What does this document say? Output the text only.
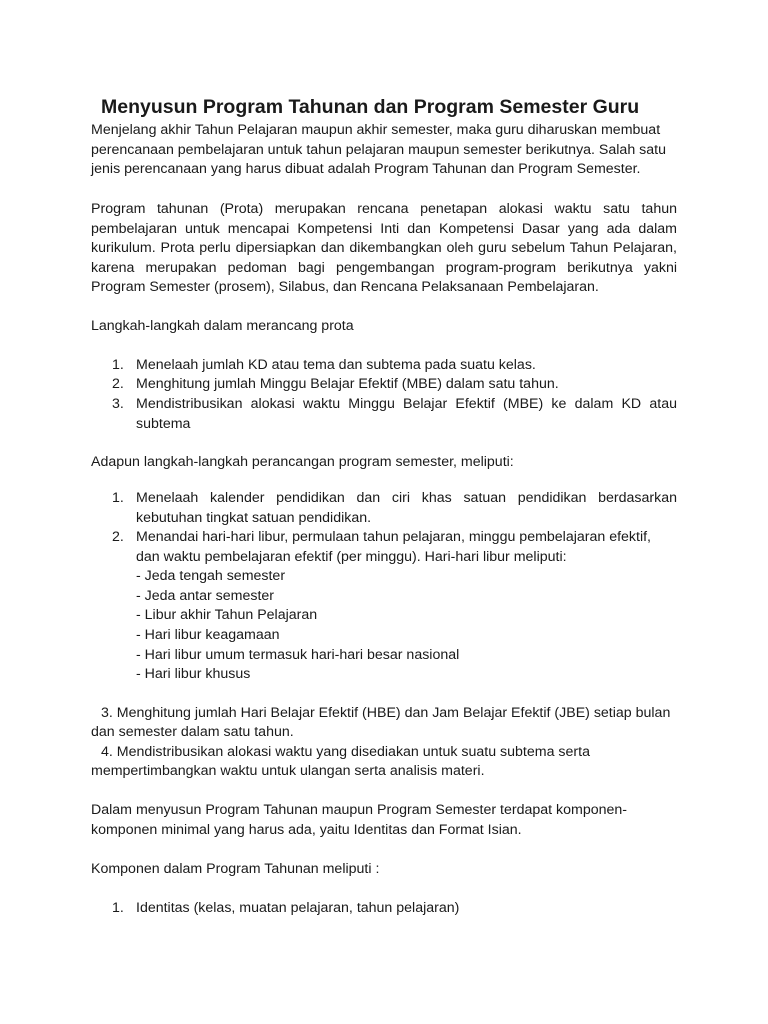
Menyusun Program Tahunan dan Program Semester Guru

Menjelang akhir Tahun Pelajaran maupun akhir semester, maka guru diharuskan membuat perencanaan pembelajaran untuk tahun pelajaran maupun semester berikutnya. Salah satu jenis perencanaan yang harus dibuat adalah Program Tahunan dan Program Semester.

Program tahunan (Prota) merupakan rencana penetapan alokasi waktu satu tahun pembelajaran untuk mencapai Kompetensi Inti dan Kompetensi Dasar yang ada dalam kurikulum. Prota perlu dipersiapkan dan dikembangkan oleh guru sebelum Tahun Pelajaran, karena merupakan pedoman bagi pengembangan program-program berikutnya yakni Program Semester (prosem), Silabus, dan Rencana Pelaksanaan Pembelajaran.

Langkah-langkah dalam merancang prota

1. Menelaah jumlah KD atau tema dan subtema pada suatu kelas.
2. Menghitung jumlah Minggu Belajar Efektif (MBE) dalam satu tahun.
3. Mendistribusikan alokasi waktu Minggu Belajar Efektif (MBE) ke dalam KD atau subtema

Adapun langkah-langkah perancangan program semester, meliputi:

1. Menelaah kalender pendidikan dan ciri khas satuan pendidikan berdasarkan kebutuhan tingkat satuan pendidikan.
2. Menandai hari-hari libur, permulaan tahun pelajaran, minggu pembelajaran efektif, dan waktu pembelajaran efektif (per minggu). Hari-hari libur meliputi:
- Jeda tengah semester
- Jeda antar semester
- Libur akhir Tahun Pelajaran
- Hari libur keagamaan
- Hari libur umum termasuk hari-hari besar nasional
- Hari libur khusus
3. Menghitung jumlah Hari Belajar Efektif (HBE) dan Jam Belajar Efektif (JBE) setiap bulan
dan semester dalam satu tahun.
4. Mendistribusikan alokasi waktu yang disediakan untuk suatu subtema serta
mempertimbangkan waktu untuk ulangan serta analisis materi.

Dalam menyusun Program Tahunan maupun Program Semester terdapat komponen-komponen minimal yang harus ada, yaitu Identitas dan Format Isian.

Komponen dalam Program Tahunan meliputi :

1. Identitas (kelas, muatan pelajaran, tahun pelajaran)
